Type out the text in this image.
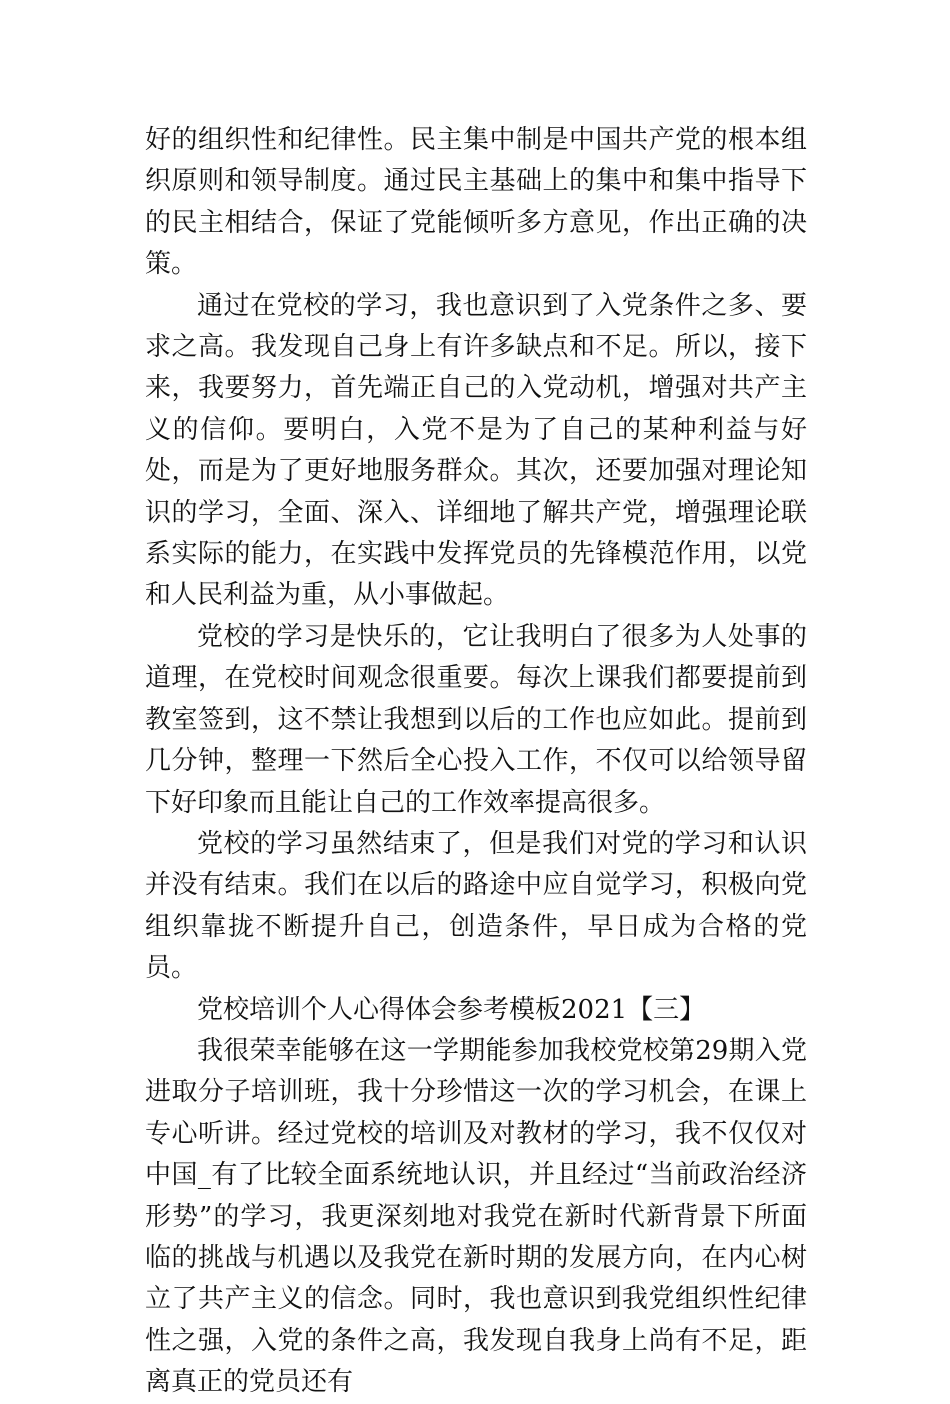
好的组织性和纪律性。民主集中制是中国共产党的根本组织原则和领导制度。通过民主基础上的集中和集中指导下的民主相结合，保证了党能倾听多方意见，作出正确的决策。

通过在党校的学习，我也意识到了入党条件之多、要求之高。我发现自己身上有许多缺点和不足。所以，接下来，我要努力，首先端正自己的入党动机，增强对共产主义的信仰。要明白，入党不是为了自己的某种利益与好处，而是为了更好地服务群众。其次，还要加强对理论知识的学习，全面、深入、详细地了解共产党，增强理论联系实际的能力，在实践中发挥党员的先锋模范作用，以党和人民利益为重，从小事做起。

党校的学习是快乐的，它让我明白了很多为人处事的道理，在党校时间观念很重要。每次上课我们都要提前到教室签到，这不禁让我想到以后的工作也应如此。提前到几分钟，整理一下然后全心投入工作，不仅可以给领导留下好印象而且能让自己的工作效率提高很多。

党校的学习虽然结束了，但是我们对党的学习和认识并没有结束。我们在以后的路途中应自觉学习，积极向党组织靠拢不断提升自己，创造条件，早日成为合格的党员。

党校培训个人心得体会参考模板2021【三】

我很荣幸能够在这一学期能参加我校党校第29期入党进取分子培训班，我十分珍惜这一次的学习机会，在课上专心听讲。经过党校的培训及对教材的学习，我不仅仅对中国_有了比较全面系统地认识，并且经过“当前政治经济形势”的学习，我更深刻地对我党在新时代新背景下所面临的挑战与机遇以及我党在新时期的发展方向，在内心树立了共产主义的信念。同时，我也意识到我党组织性纪律性之强，入党的条件之高，我发现自我身上尚有不足，距离真正的党员还有
